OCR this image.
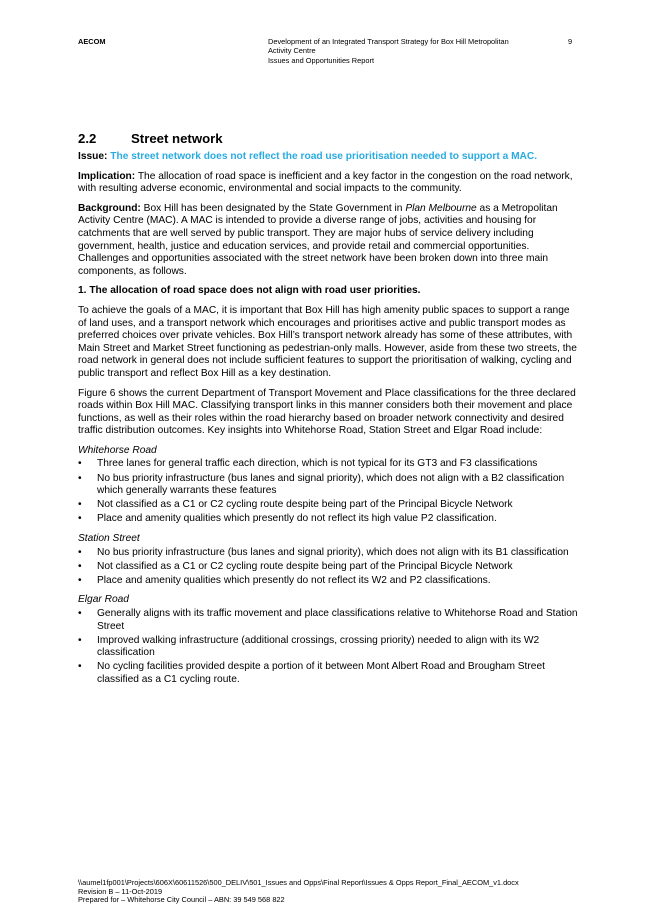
AECOM	Development of an Integrated Transport Strategy for Box Hill Metropolitan
Activity Centre
Issues and Opportunities Report
9
2.2	Street network

Issue: The street network does not reflect the road use prioritisation needed to support a MAC.

Implication: The allocation of road space is inefficient and a key factor in the congestion on the road network, with resulting adverse economic, environmental and social impacts to the community.

Background: Box Hill has been designated by the State Government in Plan Melbourne as a Metropolitan Activity Centre (MAC). A MAC is intended to provide a diverse range of jobs, activities and housing for catchments that are well served by public transport. They are major hubs of service delivery including government, health, justice and education services, and provide retail and commercial opportunities. Challenges and opportunities associated with the street network have been broken down into three main components, as follows.

1. The allocation of road space does not align with road user priorities.

To achieve the goals of a MAC, it is important that Box Hill has high amenity public spaces to support a range of land uses, and a transport network which encourages and prioritises active and public transport modes as preferred choices over private vehicles. Box Hill’s transport network already has some of these attributes, with Main Street and Market Street functioning as pedestrian-only malls. However, aside from these two streets, the road network in general does not include sufficient features to support the prioritisation of walking, cycling and public transport and reflect Box Hill as a key destination.

Figure 6 shows the current Department of Transport Movement and Place classifications for the three declared roads within Box Hill MAC. Classifying transport links in this manner considers both their movement and place functions, as well as their roles within the road hierarchy based on broader network connectivity and desired traffic distribution outcomes. Key insights into Whitehorse Road, Station Street and Elgar Road include:

Whitehorse Road
• Three lanes for general traffic each direction, which is not typical for its GT3 and F3 classifications
• No bus priority infrastructure (bus lanes and signal priority), which does not align with a B2 classification which generally warrants these features
• Not classified as a C1 or C2 cycling route despite being part of the Principal Bicycle Network
• Place and amenity qualities which presently do not reflect its high value P2 classification.
Station Street
• No bus priority infrastructure (bus lanes and signal priority), which does not align with its B1 classification
• Not classified as a C1 or C2 cycling route despite being part of the Principal Bicycle Network
• Place and amenity qualities which presently do not reflect its W2 and P2 classifications.
Elgar Road
• Generally aligns with its traffic movement and place classifications relative to Whitehorse Road and Station Street
• Improved walking infrastructure (additional crossings, crossing priority) needed to align with its W2 classification
• No cycling facilities provided despite a portion of it between Mont Albert Road and Brougham Street classified as a C1 cycling route.
\\aumel1fp001\Projects\606X\60611526\500_DELIV\501_Issues and Opps\Final Report\Issues & Opps Report_Final_AECOM_v1.docx
Revision B – 11-Oct-2019
Prepared for – Whitehorse City Council – ABN: 39 549 568 822
